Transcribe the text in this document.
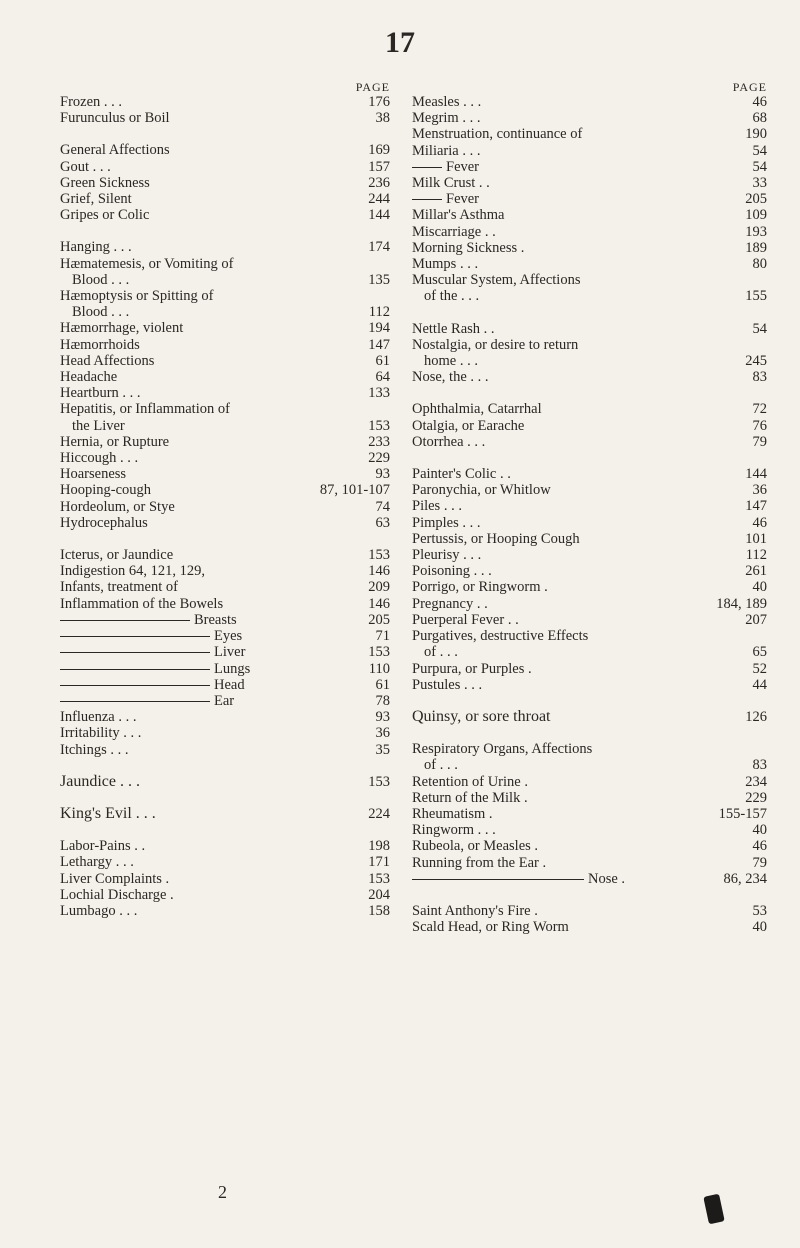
17
PAGE
Frozen . . .	176
Furunculus or Boil	38
General Affections	169
Gout . . .	157
Green Sickness	236
Grief, Silent	244
Gripes or Colic	144
Hanging . . .	174
Hæmatemesis, or Vomiting of
Blood . . .	135
Hæmoptysis or Spitting of
Blood . . .	112
Hæmorrhage, violent	194
Hæmorrhoids	147
Head Affections	61
Headache	64
Heartburn . . .	133
Hepatitis, or Inflammation of
the Liver	153
Hernia, or Rupture	233
Hiccough . . .	229
Hoarseness	93
Hooping-cough	87, 101-107
Hordeolum, or Stye	74
Hydrocephalus	63
Icterus, or Jaundice	153
Indigestion 64, 121, 129,	146
Infants, treatment of	209
Inflammation of the Bowels	146
Breasts	205
Eyes	71
Liver	153
Lungs	110
Head	61
Ear	78
Influenza . . .	93
Irritability . . .	36
Itchings . . .	35
Jaundice . . .	153
King's Evil . . .	224
Labor-Pains . .	198
Lethargy . . .	171
Liver Complaints .	153
Lochial Discharge .	204
Lumbago . . .	158
PAGE
Measles . . .	46
Megrim . . .	68
Menstruation, continuance of	190
Miliaria . . .	54
Fever	54
Milk Crust . .	33
Fever	205
Millar's Asthma	109
Miscarriage . .	193
Morning Sickness .	189
Mumps . . .	80
Muscular System, Affections
of the . . .	155
Nettle Rash . .	54
Nostalgia, or desire to return
home . . .	245
Nose, the . . .	83
Ophthalmia, Catarrhal	72
Otalgia, or Earache	76
Otorrhea . . .	79
Painter's Colic . .	144
Paronychia, or Whitlow	36
Piles . . .	147
Pimples . . .	46
Pertussis, or Hooping Cough	101
Pleurisy . . .	112
Poisoning . . .	261
Porrigo, or Ringworm .	40
Pregnancy . .	184, 189
Puerperal Fever . .	207
Purgatives, destructive Effects
of . . .	65
Purpura, or Purples .	52
Pustules . . .	44
Quinsy, or sore throat	126
Respiratory Organs, Affections
of . . .	83
Retention of Urine .	234
Return of the Milk .	229
Rheumatism .	155-157
Ringworm . . .	40
Rubeola, or Measles .	46
Running from the Ear .	79
Nose .	86, 234
Saint Anthony's Fire .	53
Scald Head, or Ring Worm	40
2
